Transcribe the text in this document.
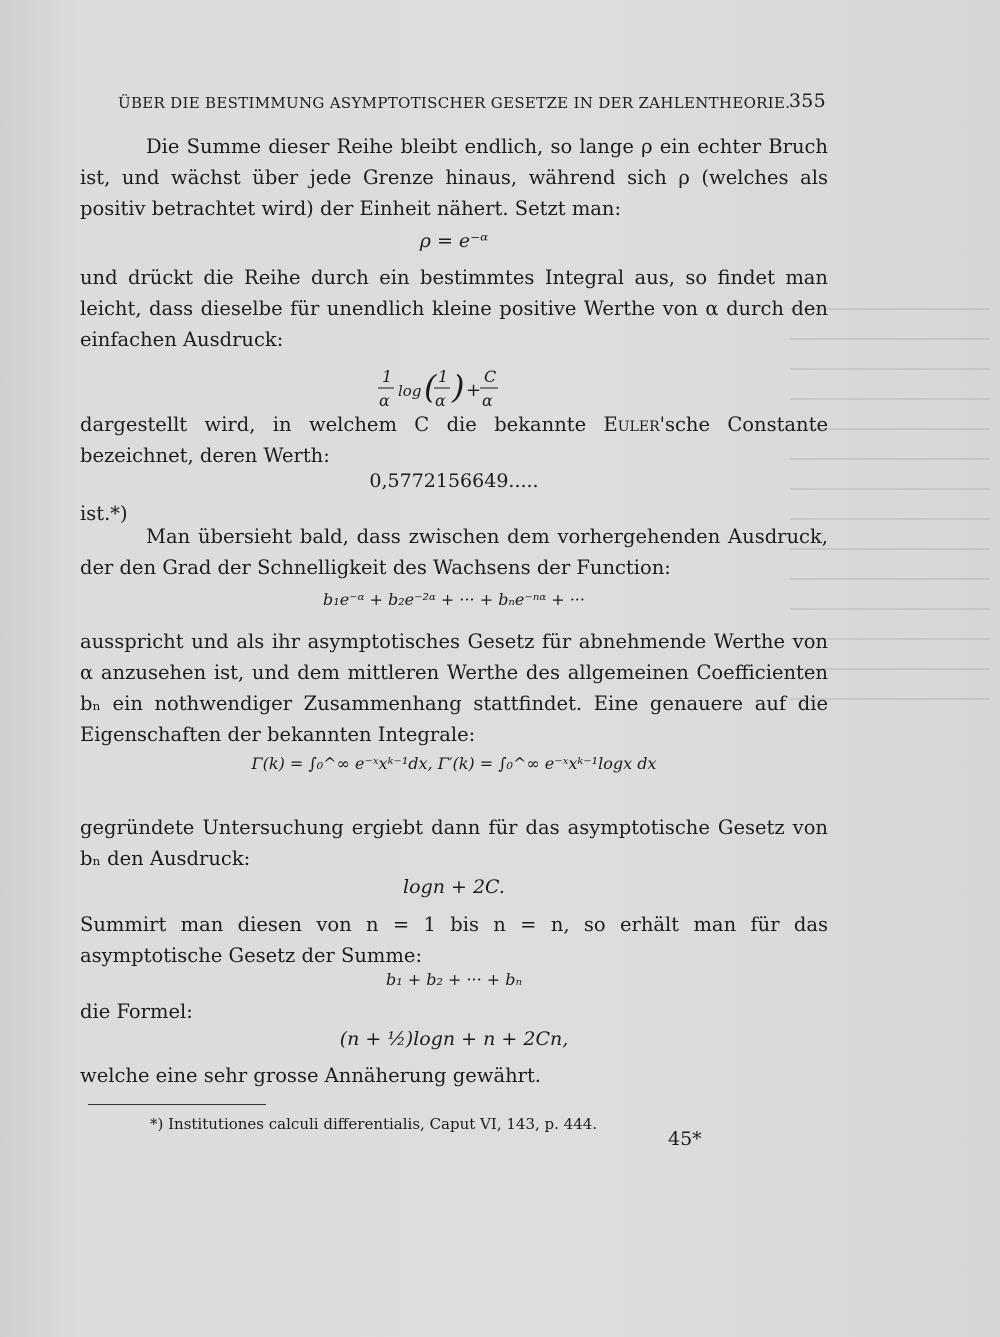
ÜBER DIE BESTIMMUNG ASYMPTOTISCHER GESETZE IN DER ZAHLENTHEORIE.
355
Die Summe dieser Reihe bleibt endlich, so lange ρ ein echter Bruch ist, und wächst über jede Grenze hinaus, während sich ρ (welches als positiv betrachtet wird) der Einheit nähert. Setzt man:
ρ = e⁻ᵅ
und drückt die Reihe durch ein bestimmtes Integral aus, so findet man leicht, dass dieselbe für unendlich kleine positive Werthe von α durch den einfachen Ausdruck:
1
α log ( 1
α ) +
C
α
dargestellt wird, in welchem C die bekannte Euler'sche Constante bezeichnet, deren Werth:
0,5772156649.....
ist.*)
Man übersieht bald, dass zwischen dem vorhergehenden Ausdruck, der den Grad der Schnelligkeit des Wachsens der Function:
b₁e⁻ᵅ + b₂e⁻²ᵅ + ··· + bₙe⁻ⁿᵅ + ···
ausspricht und als ihr asymptotisches Gesetz für abnehmende Werthe von α anzusehen ist, und dem mittleren Werthe des allgemeinen Coefficienten bₙ ein nothwendiger Zusammenhang stattfindet. Eine genauere auf die Eigenschaften der bekannten Integrale:
Γ(k) = ∫₀^∞ e⁻ˣxᵏ⁻¹dx, Γ′(k) = ∫₀^∞ e⁻ˣxᵏ⁻¹logx dx
gegründete Untersuchung ergiebt dann für das asymptotische Gesetz von bₙ den Ausdruck:
logn + 2C.
Summirt man diesen von n = 1 bis n = n, so erhält man für das asymptotische Gesetz der Summe:
b₁ + b₂ + ··· + bₙ
die Formel:
(n + ½)logn + n + 2Cn,
welche eine sehr grosse Annäherung gewährt.
*) Institutiones calculi differentialis, Caput VI, 143, p. 444.
45*
